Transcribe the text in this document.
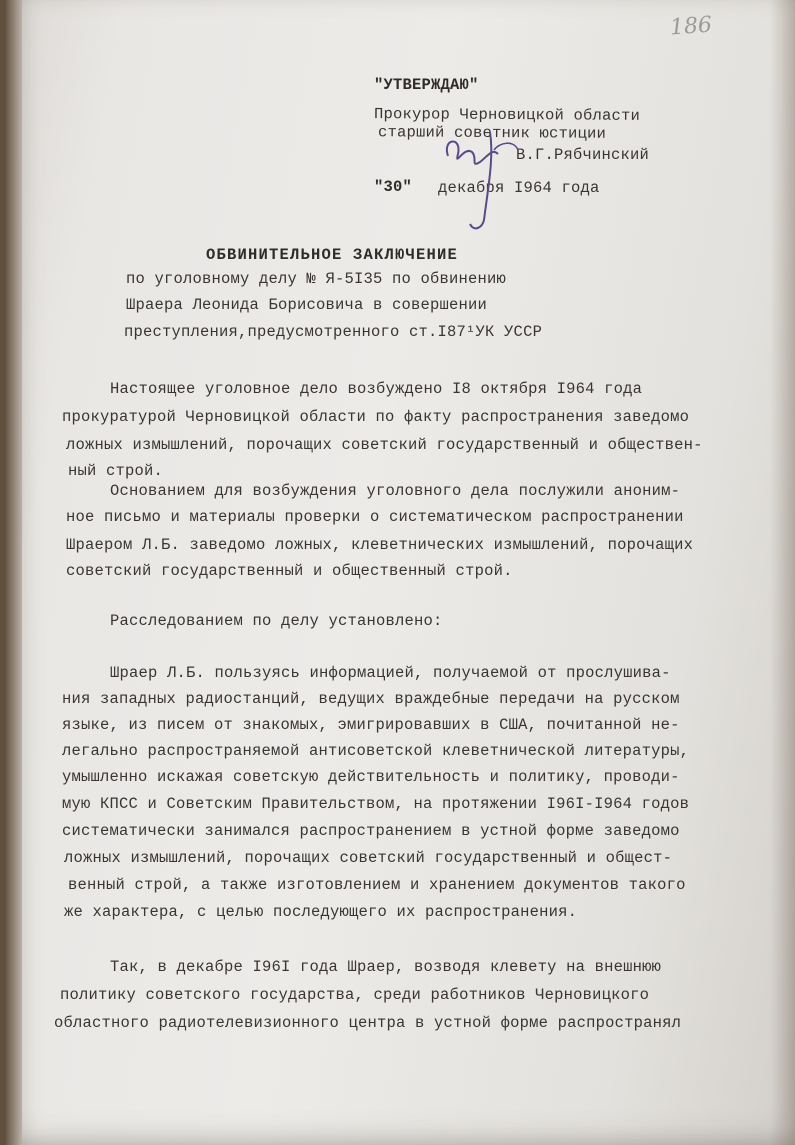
186
"УТВЕРЖДАЮ"
Прокурор Черновицкой области
старший советник юстиции
В.Г.Рябчинский
"30" декабря I964 года
ОБВИНИТЕЛЬНОЕ ЗАКЛЮЧЕНИЕ
по уголовному делу № Я-5I35 по обвинению
Шраера Леонида Борисовича в совершении
преступления,предусмотренного ст.I87¹УК УССР
Настоящее уголовное дело возбуждено I8 октября I964 года
прокуратурой Черновицкой области по факту распространения заведомо
ложных измышлений, порочащих советский государственный и обществен-
ный строй.
Основанием для возбуждения уголовного дела послужили аноним-
ное письмо и материалы проверки о систематическом распространении
Шраером Л.Б. заведомо ложных, клеветнических измышлений, порочащих
советский государственный и общественный строй.
Расследованием по делу установлено:
Шраер Л.Б. пользуясь информацией, получаемой от прослушива-
ния западных радиостанций, ведущих враждебные передачи на русском
языке, из писем от знакомых, эмигрировавших в США, почитанной не-
легально распространяемой антисоветской клеветнической литературы,
умышленно искажая советскую действительность и политику, проводи-
мую КПСС и Советским Правительством, на протяжении I96I-I964 годов
систематически занимался распространением в устной форме заведомо
ложных измышлений, порочащих советский государственный и общест-
венный строй, а также изготовлением и хранением документов такого
же характера, с целью последующего их распространения.
Так, в декабре I96I года Шраер, возводя клевету на внешнюю
политику советского государства, среди работников Черновицкого
областного радиотелевизионного центра в устной форме распространял
